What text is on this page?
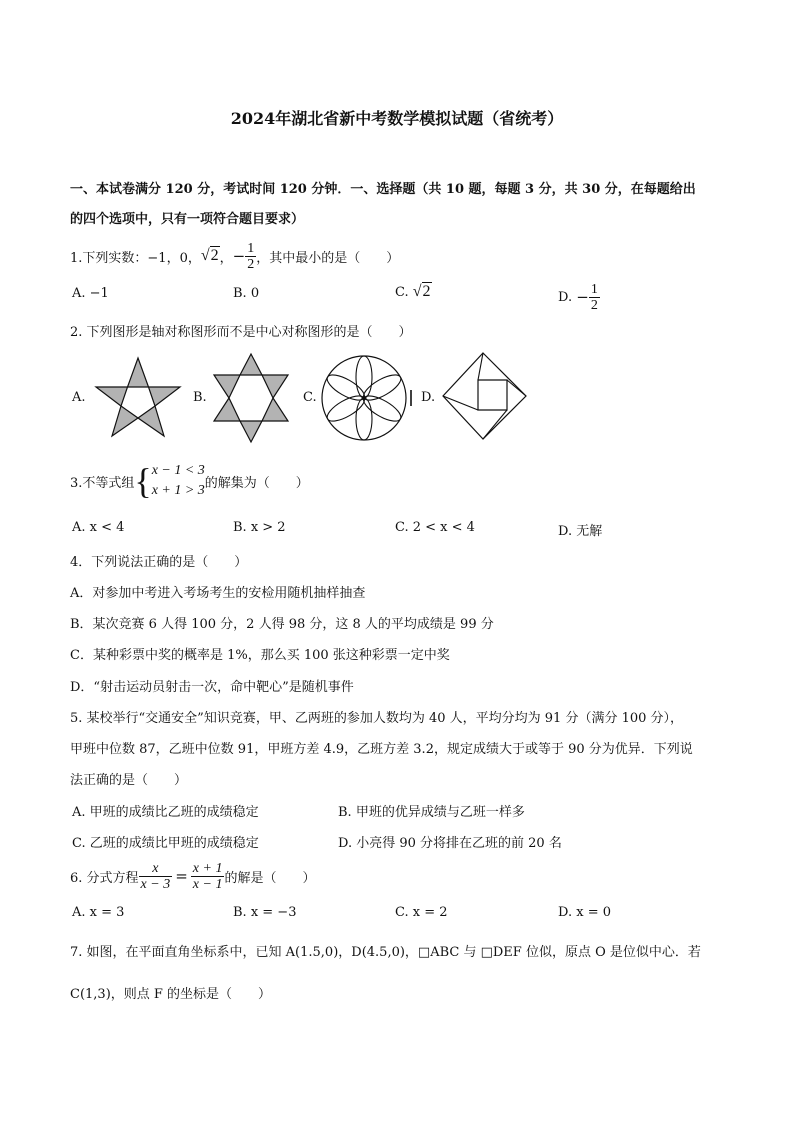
2024年湖北省新中考数学模拟试题（省统考）
一、本试卷满分 120 分，考试时间 120 分钟．一、选择题（共 10 题，每题 3 分，共 30 分，在每题给出
的四个选项中，只有一项符合题目要求）
1.下列实数：−1，0， √2 ， − $\frac{1}{2}$ ，其中最小的是（　　）
A. −1	B. 0	C. √2	D.
− $\frac{1}{2}$
2. 下列图形是轴对称图形而不是中心对称图形的是（　　）
A.	B.	C.	D.
3.不等式组 { x − 1 < 3
x + 1 > 3 的解集为（　　）
A. x < 4	B. x > 2	C. 2 < x < 4	D. 无解
4．下列说法正确的是（　　）
A．对参加中考进入考场考生的安检用随机抽样抽查
B．某次竞赛 6 人得 100 分，2 人得 98 分，这 8 人的平均成绩是 99 分
C．某种彩票中奖的概率是 1%，那么买 100 张这种彩票一定中奖
D．“射击运动员射击一次，命中靶心”是随机事件
5. 某校举行“交通安全”知识竞赛，甲、乙两班的参加人数均为 40 人，平均分均为 91 分（满分 100 分），
甲班中位数 87，乙班中位数 91，甲班方差 4.9，乙班方差 3.2，规定成绩大于或等于 90 分为优异．下列说
法正确的是（　　）
A. 甲班的成绩比乙班的成绩稳定	B. 甲班的优异成绩与乙班一样多
C. 乙班的成绩比甲班的成绩稳定	D. 小亮得 90 分将排在乙班的前 20 名
6. 分式方程 $\frac{x}{x - 3} = \frac{x + 1}{x - 1}$ 的解是（　　）
A. x = 3	B. x = −3	C. x = 2	D. x = 0
7. 如图，在平面直角坐标系中，已知 A(1.5,0)，D(4.5,0)，□ABC 与 □DEF 位似，原点 O 是位似中心．若
C(1,3)，则点 F 的坐标是（　　）
